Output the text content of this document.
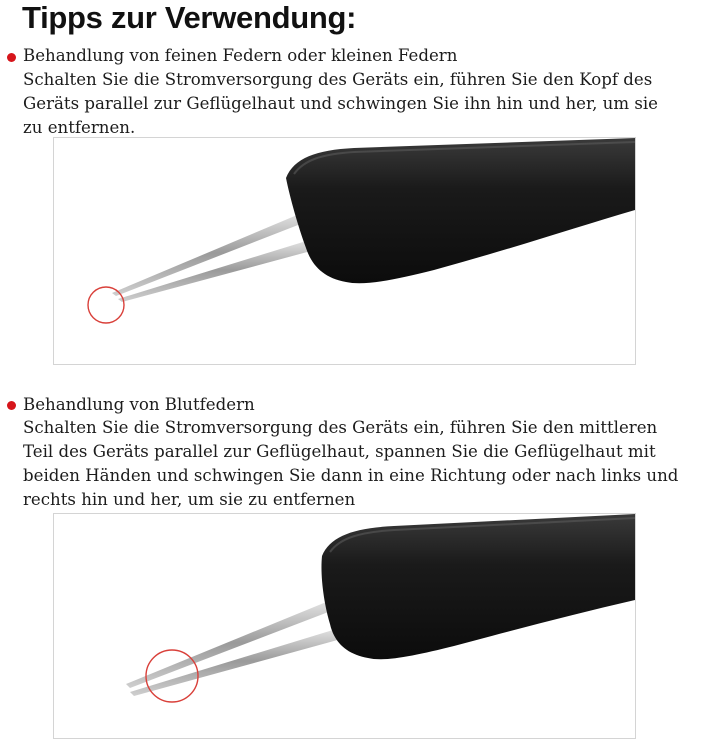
Tipps zur Verwendung:
Behandlung von feinen Federn oder kleinen Federn
Schalten Sie die Stromversorgung des Geräts ein, führen Sie den Kopf des
Geräts parallel zur Geflügelhaut und schwingen Sie ihn hin und her, um sie
zu entfernen.
Behandlung von Blutfedern
Schalten Sie die Stromversorgung des Geräts ein, führen Sie den mittleren
Teil des Geräts parallel zur Geflügelhaut, spannen Sie die Geflügelhaut mit
beiden Händen und schwingen Sie dann in eine Richtung oder nach links und
rechts hin und her, um sie zu entfernen
